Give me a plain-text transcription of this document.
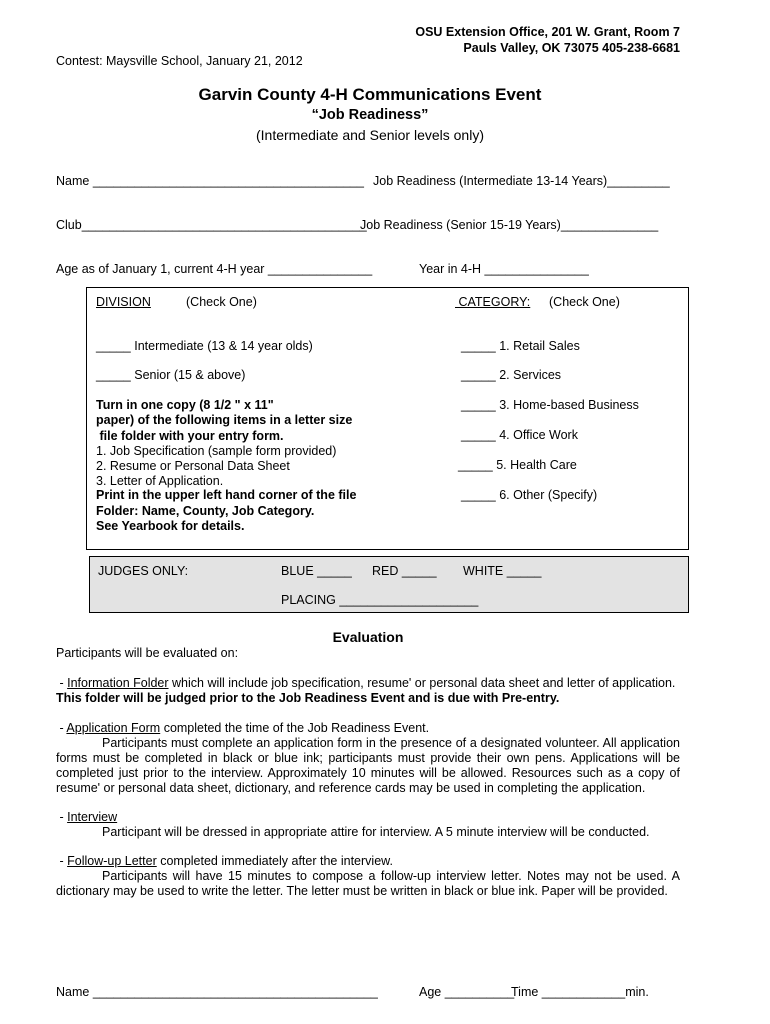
OSU Extension Office, 201 W. Grant, Room 7
Pauls Valley, OK 73075 405-238-6681
Contest: Maysville School, January 21, 2012
Garvin County 4-H Communications Event
“Job Readiness”
(Intermediate and Senior levels only)
Name _______________________________________ Job Readiness (Intermediate 13-14 Years)_________
Club_________________________________________
Job Readiness (Senior 15-19 Years)______________
Age as of January 1, current 4-H year _______________	Year in 4-H _______________
DIVISION	(Check One)	CATEGORY: (Check One)
_____ Intermediate (13 & 14 year olds)
_____ Senior (15 & above)
_____ 1. Retail Sales
_____ 2. Services
_____ 3. Home-based Business
_____ 4. Office Work
_____ 5. Health Care
_____ 6. Other (Specify)
Turn in one copy (8 1/2 " x 11"
paper) of the following items in a letter size
file folder with your entry form.
1. Job Specification (sample form provided)
2. Resume or Personal Data Sheet
3. Letter of Application.
Print in the upper left hand corner of the file
Folder: Name, County, Job Category.
See Yearbook for details.
JUDGES ONLY:	BLUE _____ RED _____ WHITE _____
PLACING ____________________
Evaluation
Participants will be evaluated on:
- Information Folder which will include job specification, resume' or personal data sheet and letter of application.
This folder will be judged prior to the Job Readiness Event and is due with Pre-entry.
- Application Form completed the time of the Job Readiness Event.
Participants must complete an application form in the presence of a designated volunteer. All application forms must be completed in black or blue ink; participants must provide their own pens. Applications will be completed just prior to the interview. Approximately 10 minutes will be allowed. Resources such as a copy of resume' or personal data sheet, dictionary, and reference cards may be used in completing the application.
- Interview
Participant will be dressed in appropriate attire for interview. A 5 minute interview will be conducted.
- Follow-up Letter completed immediately after the interview.
Participants will have 15 minutes to compose a follow-up interview letter. Notes may not be used. A dictionary may be used to write the letter. The letter must be written in black or blue ink. Paper will be provided.
Name _________________________________________	Age __________
Time ____________min.
